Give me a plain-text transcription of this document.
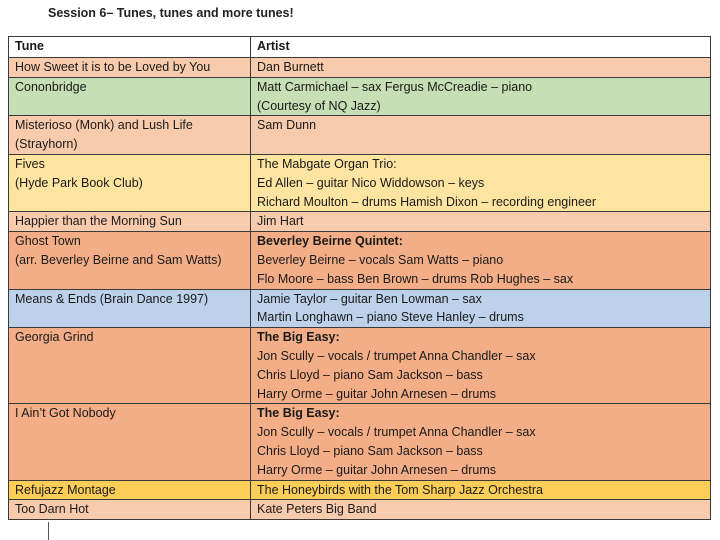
Session 6– Tunes, tunes and more tunes!
Tune	Artist

How Sweet it is to be Loved by You	Dan Burnett

Cononbridge	Matt Carmichael – sax Fergus McCreadie – piano
(Courtesy of NQ Jazz)

Misterioso (Monk) and Lush Life
(Strayhorn)	Sam Dunn

Fives
(Hyde Park Book Club)	The Mabgate Organ Trio:
Ed Allen – guitar Nico Widdowson – keys
Richard Moulton – drums Hamish Dixon – recording engineer

Happier than the Morning Sun	Jim Hart

Ghost Town
(arr. Beverley Beirne and Sam Watts)	Beverley Beirne Quintet:
Beverley Beirne – vocals Sam Watts – piano
Flo Moore – bass Ben Brown – drums Rob Hughes – sax

Means & Ends (Brain Dance 1997)	Jamie Taylor – guitar Ben Lowman – sax
Martin Longhawn – piano Steve Hanley – drums

Georgia Grind	The Big Easy:
Jon Scully – vocals / trumpet Anna Chandler – sax
Chris Lloyd – piano Sam Jackson – bass
Harry Orme – guitar John Arnesen – drums

I Ain’t Got Nobody	The Big Easy:
Jon Scully – vocals / trumpet Anna Chandler – sax
Chris Lloyd – piano Sam Jackson – bass
Harry Orme – guitar John Arnesen – drums

Refujazz Montage	The Honeybirds with the Tom Sharp Jazz Orchestra

Too Darn Hot	Kate Peters Big Band
